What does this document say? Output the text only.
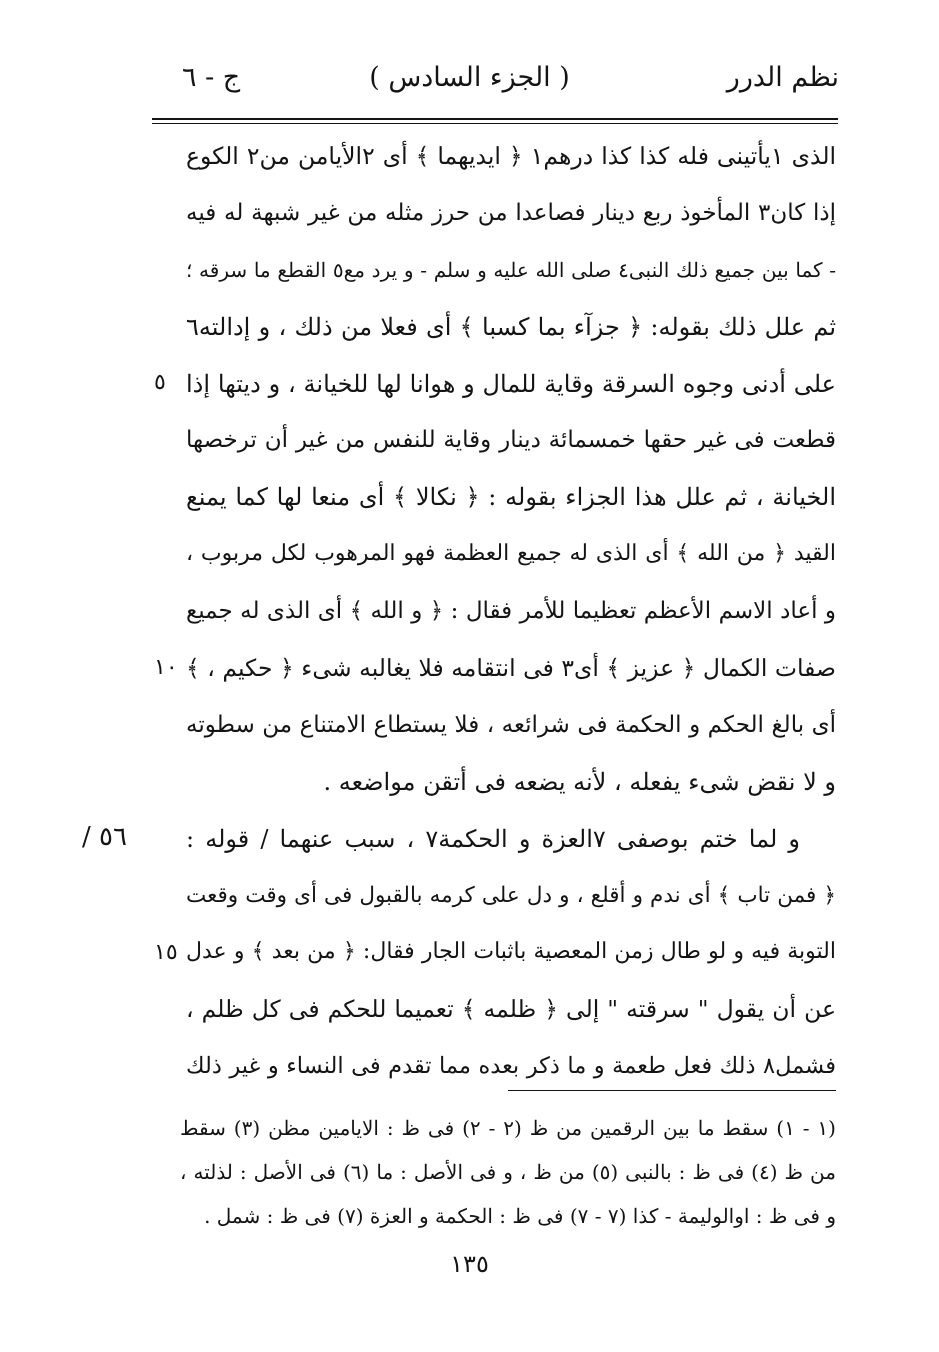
نظم الدرر
( الجزء السادس )
ج - ٦
الذى ١يأتينى فله كذا كذا درهم١ ﴿ ايديهما ﴾ أى ٢الأيامن من٢ الكوع
إذا كان٣ المأخوذ ربع دينار فصاعدا من حرز مثله من غير شبهة له فيه
- كما بين جميع ذلك النبى٤ صلى الله عليه و سلم - و يرد مع٥ القطع ما سرقه ؛
ثم علل ذلك بقوله: ﴿ جزآء بما كسبا ﴾ أى فعلا من ذلك ، و إدالته٦
على أدنى وجوه السرقة وقاية للمال و هوانا لها للخيانة ، و ديتها إذا
قطعت فى غير حقها خمسمائة دينار وقاية للنفس من غير أن ترخصها
الخيانة ، ثم علل هذا الجزاء بقوله : ﴿ نكالا ﴾ أى منعا لها كما يمنع
القيد ﴿ من الله ﴾ أى الذى له جميع العظمة فهو المرهوب لكل مربوب ،
و أعاد الاسم الأعظم تعظيما للأمر فقال : ﴿ و الله ﴾ أى الذى له جميع
صفات الكمال ﴿ عزيز ﴾ أى٣ فى انتقامه فلا يغالبه شىء ﴿ حكيم ، ﴾
أى بالغ الحكم و الحكمة فى شرائعه ، فلا يستطاع الامتناع من سطوته
و لا نقض شىء يفعله ، لأنه يضعه فى أتقن مواضعه .
و لما ختم بوصفى ٧العزة و الحكمة٧ ، سبب عنهما / قوله :
﴿ فمن تاب ﴾ أى ندم و أقلع ، و دل على كرمه بالقبول فى أى وقت وقعت
التوبة فيه و لو طال زمن المعصية باثبات الجار فقال: ﴿ من بعد ﴾ و عدل
عن أن يقول " سرقته " إلى ﴿ ظلمه ﴾ تعميما للحكم فى كل ظلم ،
فشمل٨ ذلك فعل طعمة و ما ذكر بعده مما تقدم فى النساء و غير ذلك
٥
١٠
١٥
/ ٥٦
(١ - ١) سقط ما بين الرقمين من ظ (٢ - ٢) فى ظ : الايامين مظن (٣) سقط
من ظ (٤) فى ظ : بالنبى (٥) من ظ ، و فى الأصل : ما (٦) فى الأصل : لذلته ،
و فى ظ : اوالوليمة - كذا (٧ - ٧) فى ظ : الحكمة و العزة (٧) فى ظ : شمل .
١٣٥
